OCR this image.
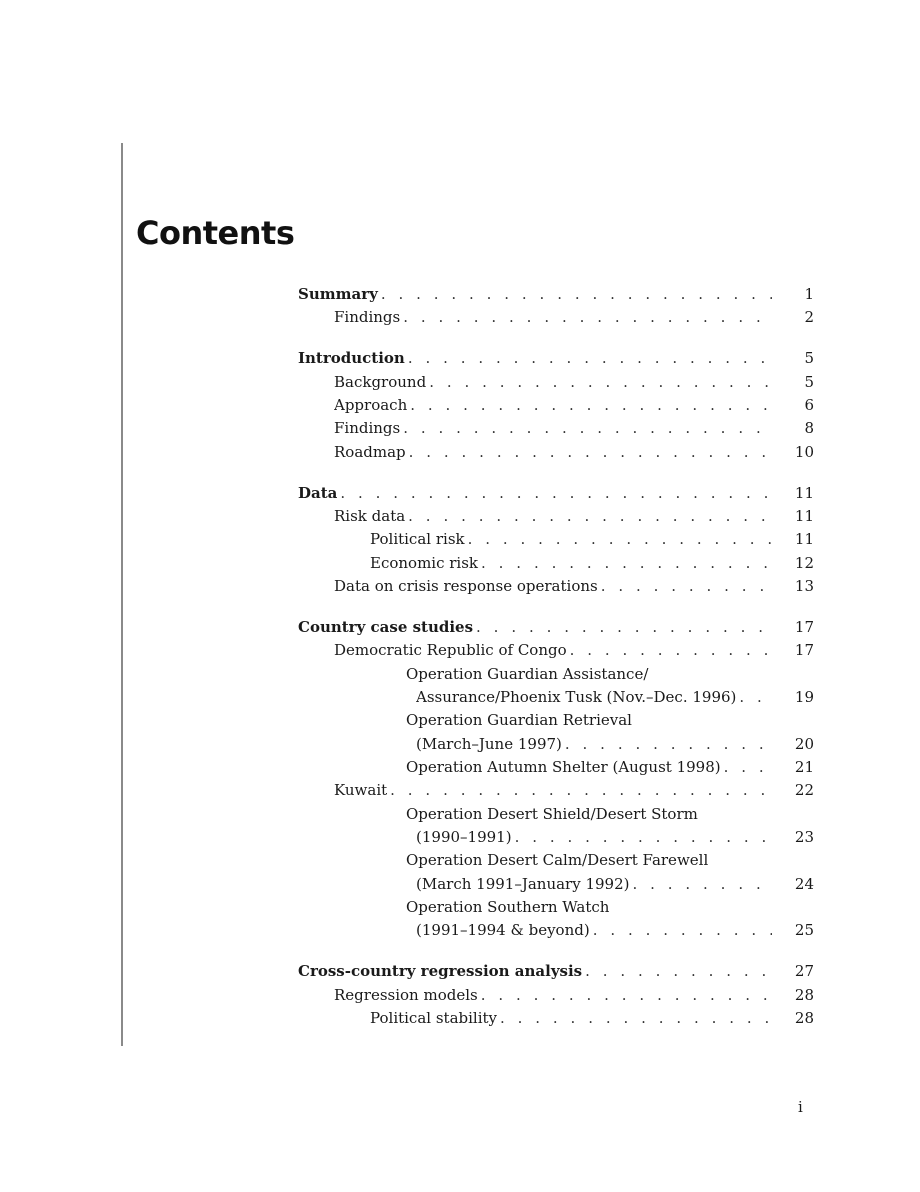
Contents
Summary . . .	1
Findings . . .	2
Introduction . . .	5
Background . . .	5
Approach . . .	6
Findings . . .	8
Roadmap . . .	10
Data . . .	11
Risk data . . .	11
Political risk . . .	11
Economic risk . . .	12
Data on crisis response operations . . .	13
Country case studies . . .	17
Democratic Republic of Congo . . .	17
Operation Guardian Assistance/
Assurance/Phoenix Tusk (Nov.–Dec. 1996) . . .	19
Operation Guardian Retrieval
(March–June 1997) . . .	20
Operation Autumn Shelter (August 1998) . . .	21
Kuwait . . .	22
Operation Desert Shield/Desert Storm
(1990–1991) . . .	23
Operation Desert Calm/Desert Farewell
(March 1991–January 1992) . . .	24
Operation Southern Watch
(1991–1994 & beyond) . . .	25
Cross-country regression analysis . . .	27
Regression models . . .	28
Political stability . . .	28
i
